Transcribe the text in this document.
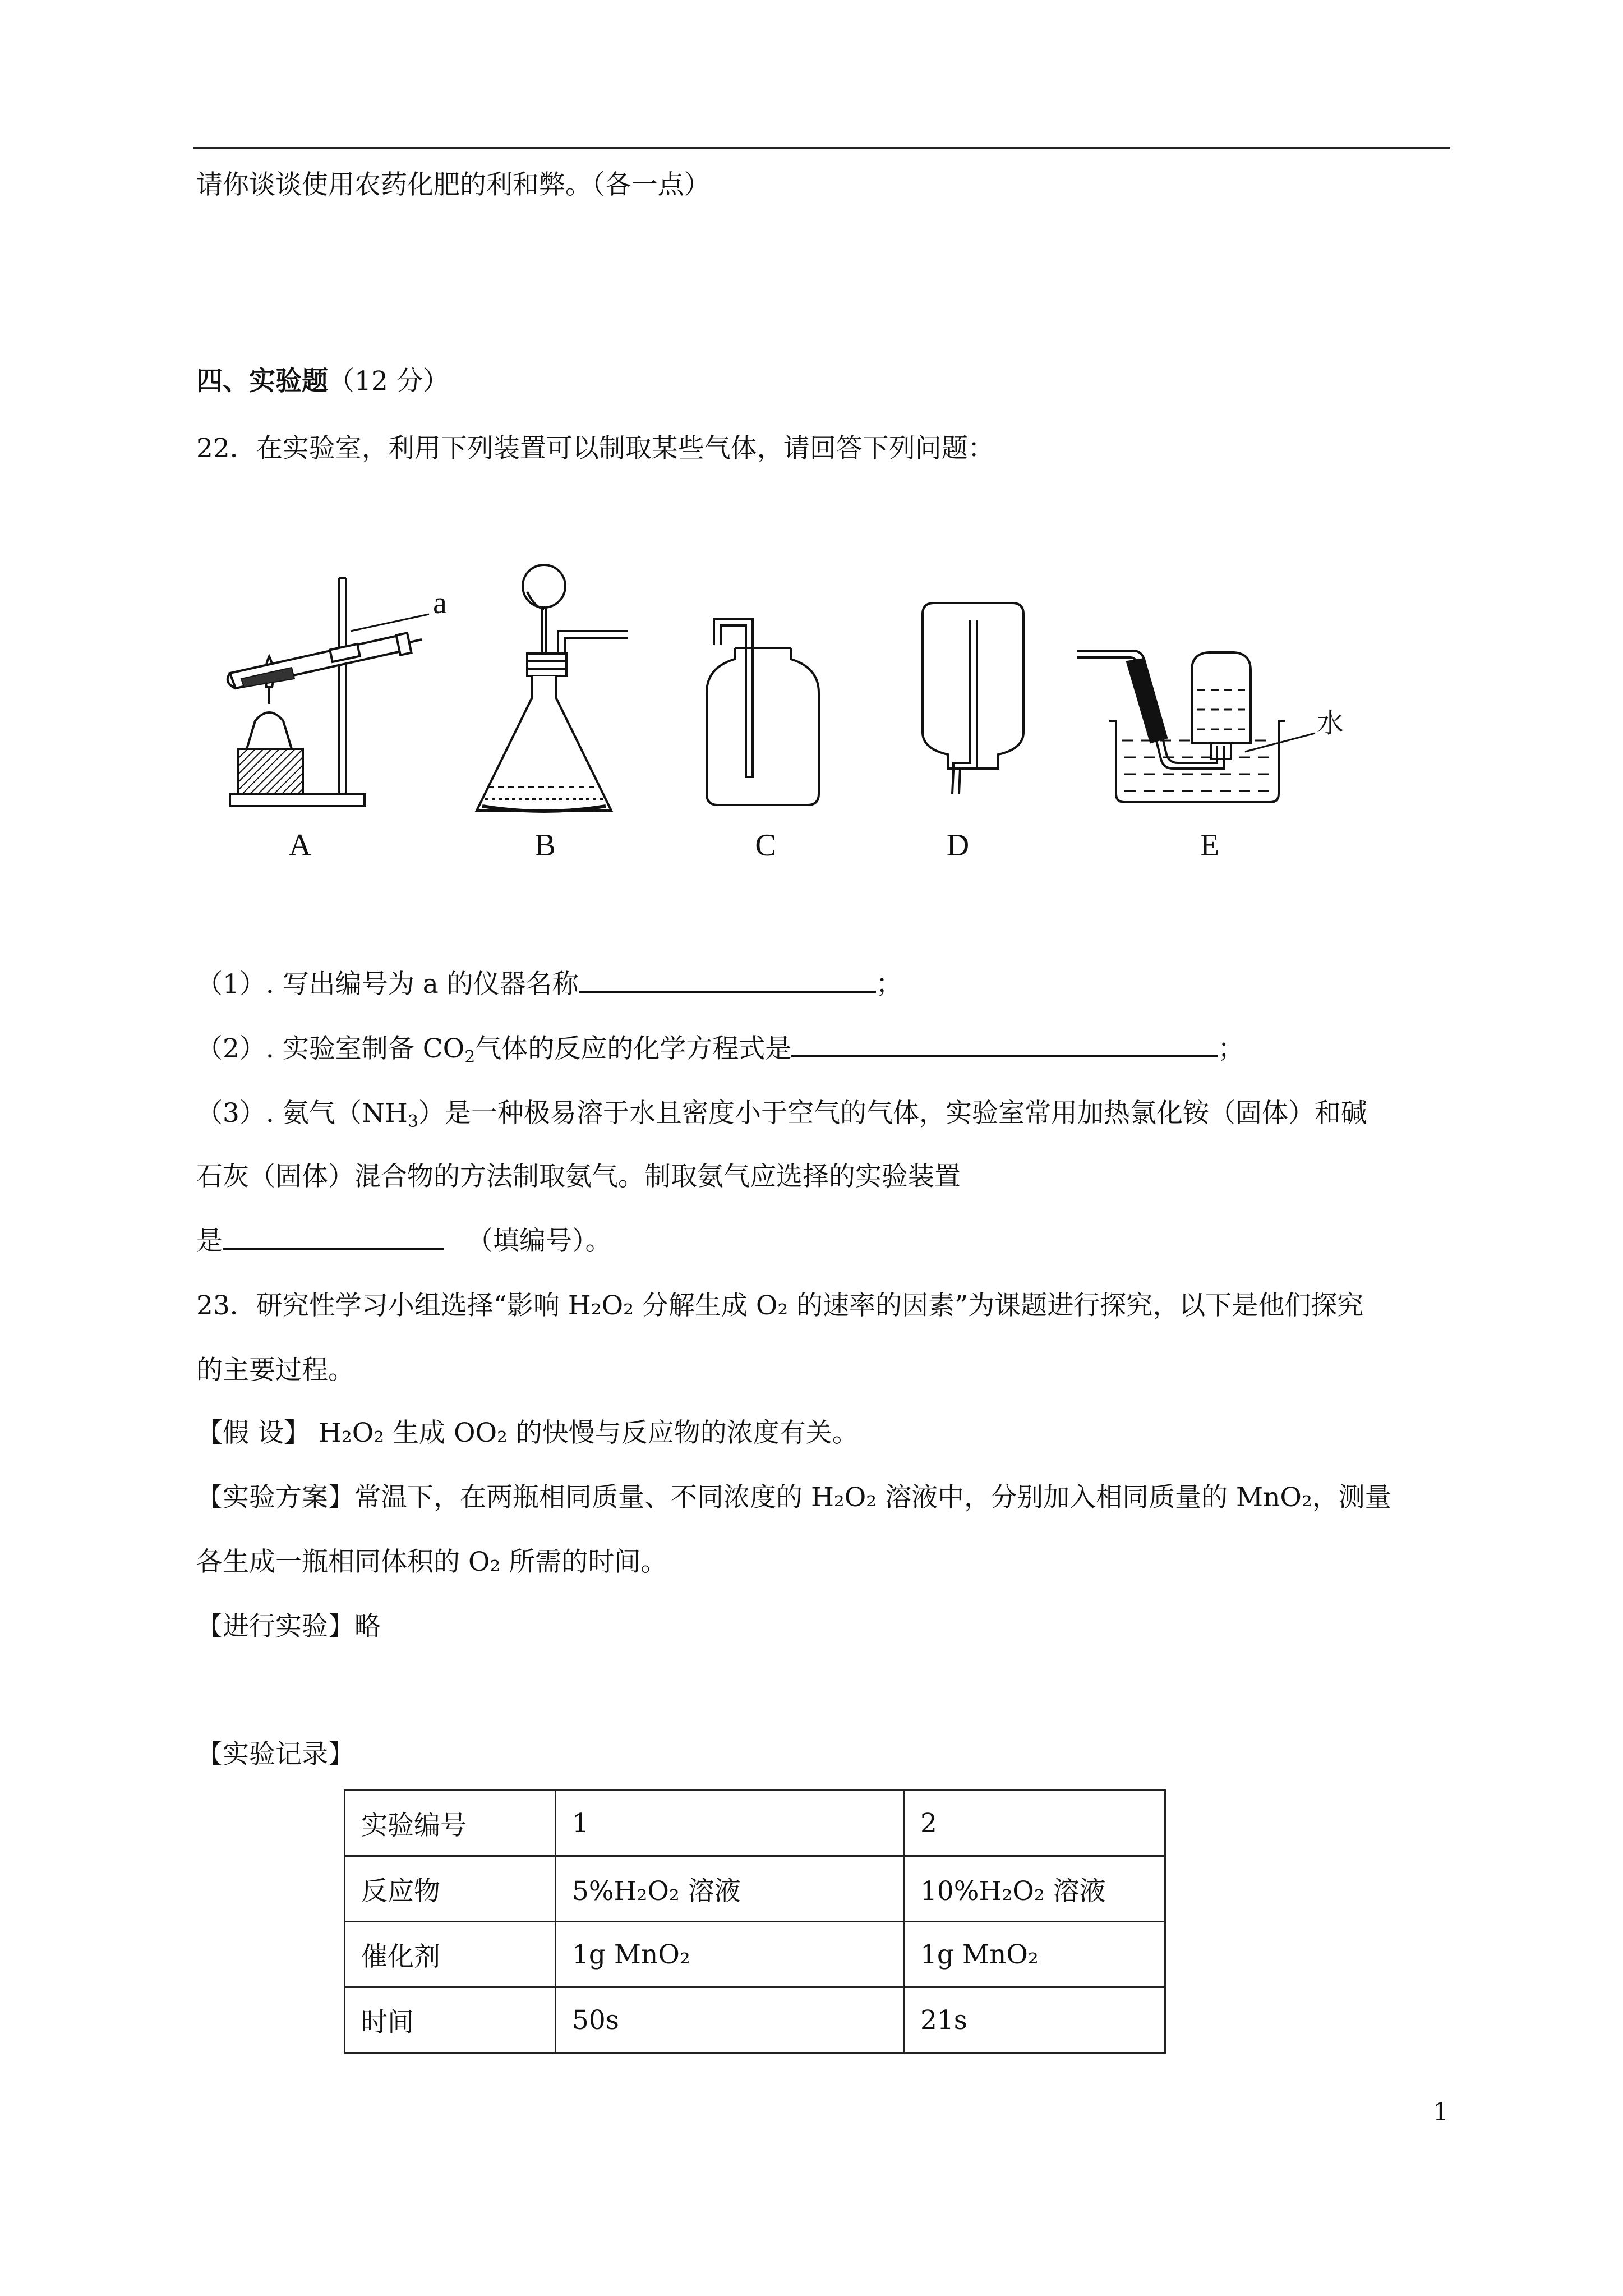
请你谈谈使用农药化肥的利和弊。（各一点）
四、实验题（12 分）
22．在实验室，利用下列装置可以制取某些气体，请回答下列问题：
a
水
A	B	C	D	E
（1）. 写出编号为 a 的仪器名称	；
（2）. 实验室制备 CO2气体的反应的化学方程式是	；
（3）. 氨气（NH3）是一种极易溶于水且密度小于空气的气体，实验室常用加热氯化铵（固体）和碱
石灰（固体）混合物的方法制取氨气。制取氨气应选择的实验装置
是	（填编号）。
23．研究性学习小组选择“影响 H₂O₂ 分解生成 O₂ 的速率的因素”为课题进行探究，以下是他们探究
的主要过程。
【假 设】 H₂O₂ 生成 OO₂ 的快慢与反应物的浓度有关。
【实验方案】常温下，在两瓶相同质量、不同浓度的 H₂O₂ 溶液中，分别加入相同质量的 MnO₂，测量
各生成一瓶相同体积的 O₂ 所需的时间。
【进行实验】略
【实验记录】
实验编号	1	2
反应物	5%H₂O₂ 溶液	10%H₂O₂ 溶液
催化剂	1g MnO₂	1g MnO₂
时间	50s	21s
1
